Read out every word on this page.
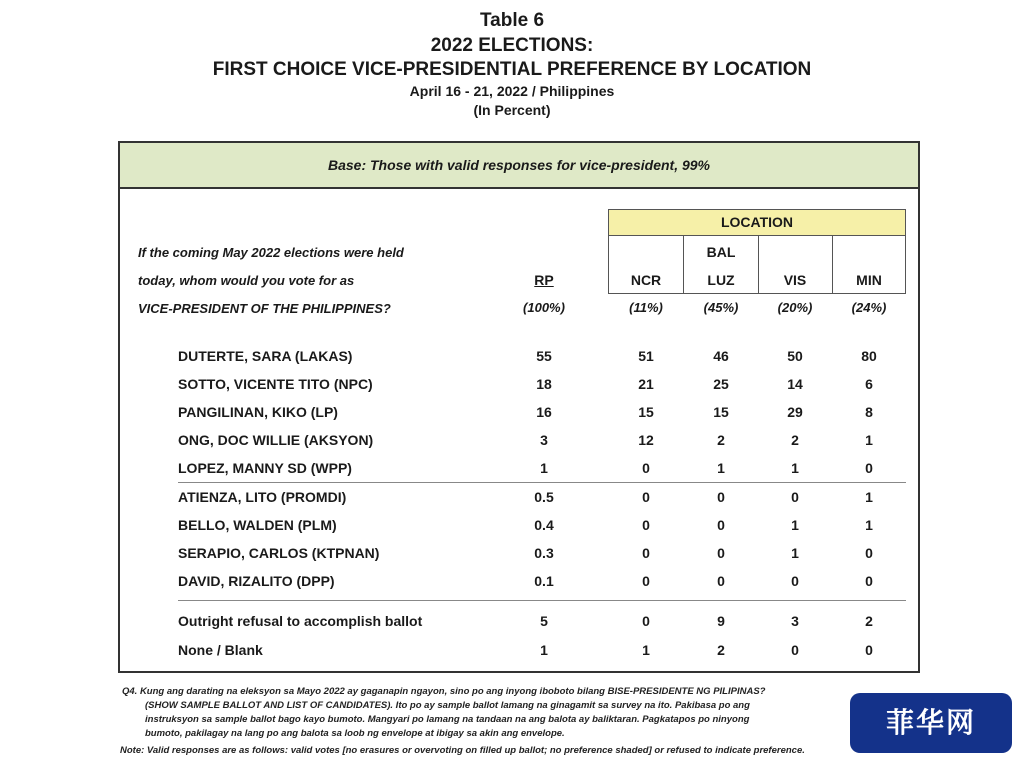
Table 6
2022 ELECTIONS:
FIRST CHOICE VICE-PRESIDENTIAL PREFERENCE BY LOCATION
April 16 - 21, 2022 / Philippines
(In Percent)
Base: Those with valid responses for vice-president, 99%
If the coming May 2022 elections were held
today, whom would you vote for as
VICE-PRESIDENT OF THE PHILIPPINES?
LOCATION
BAL
RP	NCR	LUZ	VIS	MIN
(100%)	(11%)	(45%)	(20%)	(24%)
DUTERTE, SARA (LAKAS)	55	51	46	50	80
SOTTO, VICENTE TITO (NPC)	18	21	25	14	6
PANGILINAN, KIKO (LP)	16	15	15	29	8
ONG, DOC WILLIE (AKSYON)	3	12	2	2	1
LOPEZ, MANNY SD (WPP)	1	0	1	1	0
ATIENZA, LITO (PROMDI)	0.5	0	0	0	1
BELLO, WALDEN (PLM)	0.4	0	0	1	1
SERAPIO, CARLOS (KTPNAN)	0.3	0	0	1	0
DAVID, RIZALITO (DPP)	0.1	0	0	0	0
Outright refusal to accomplish ballot	5	0	9	3	2
None / Blank	1	1	2	0	0
Q4. Kung ang darating na eleksyon sa Mayo 2022 ay gaganapin ngayon, sino po ang inyong iboboto bilang BISE-PRESIDENTE NG PILIPINAS?
(SHOW SAMPLE BALLOT AND LIST OF CANDIDATES). Ito po ay sample ballot lamang na ginagamit sa survey na ito. Pakibasa po ang
instruksyon sa sample ballot bago kayo bumoto. Mangyari po lamang na tandaan na ang balota ay baliktaran. Pagkatapos po ninyong
bumoto, pakilagay na lang po ang balota sa loob ng envelope at ibigay sa akin ang envelope.
Note: Valid responses are as follows: valid votes [no erasures or overvoting on filled up ballot; no preference shaded] or refused to indicate preference.
菲华网
